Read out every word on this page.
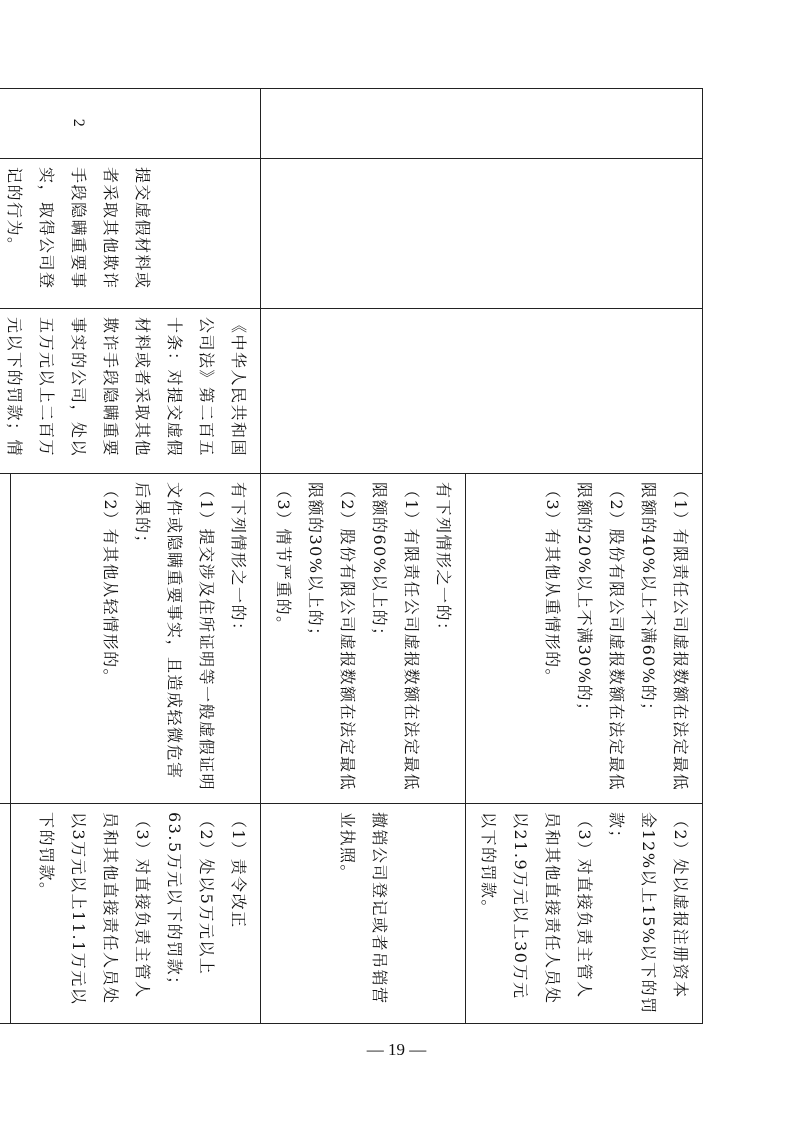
			（1）有限责任公司虚报数额在法定最低限额的40%以上不满60%的；
（2）股份有限公司虚报数额在法定最低限额的20%以上不满30%的；
（3）有其他从重情形的。	（2）处以虚报注册资本金12%以上15%以下的罚款；
（3）对直接负责主管人员和其他直接责任人员处以21.9万元以上30万元以下的罚款。

			有下列情形之一的：
（1）有限责任公司虚报数额在法定最低限额的60%以上的；
（2）股份有限公司虚报数额在法定最低限额的30%以上的；
（3）情节严重的。	撤销公司登记或者吊销营业执照。

2	提交虚假材料或者采取其他欺诈手段隐瞒重要事实，取得公司登记的行为。	《中华人民共和国公司法》第二百五十条：对提交虚假材料或者采取其他欺诈手段隐瞒重要事实的公司，处以五万元以上二百万元以下的罚款；情	有下列情形之一的：
（1）提交涉及住所证明等一般虚假证明文件或隐瞒重要事实，且造成轻微危害后果的；
（2）有其他从轻情形的。	（1）责令改正
（2）处以5万元以上63.5万元以下的罚款；
（3）对直接负责主管人员和其他直接责任人员处以3万元以上11.1万元以下的罚款。

— 19 —
